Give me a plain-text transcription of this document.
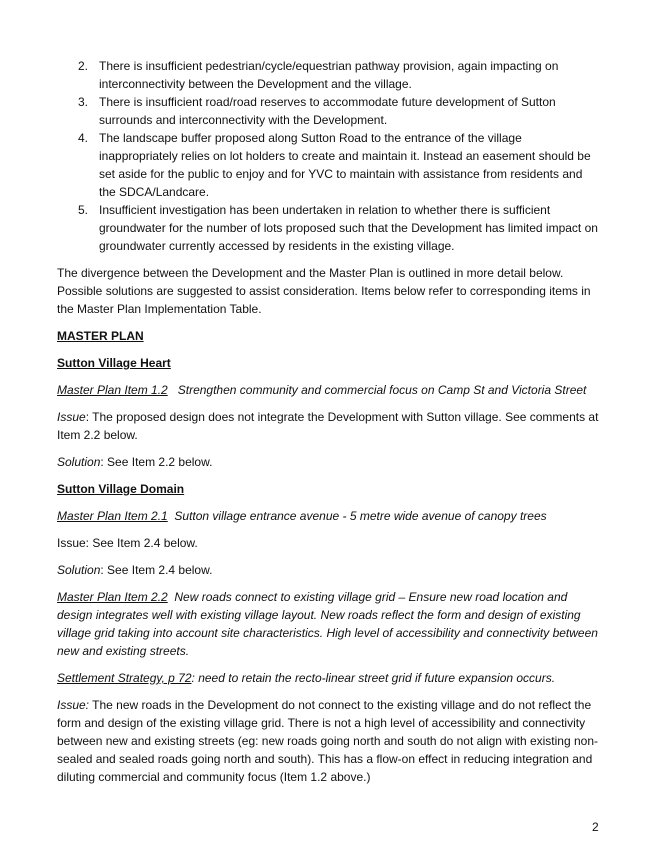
2. There is insufficient pedestrian/cycle/equestrian pathway provision, again impacting on interconnectivity between the Development and the village.
3. There is insufficient road/road reserves to accommodate future development of Sutton surrounds and interconnectivity with the Development.
4. The landscape buffer proposed along Sutton Road to the entrance of the village inappropriately relies on lot holders to create and maintain it. Instead an easement should be set aside for the public to enjoy and for YVC to maintain with assistance from residents and the SDCA/Landcare.
5. Insufficient investigation has been undertaken in relation to whether there is sufficient groundwater for the number of lots proposed such that the Development has limited impact on groundwater currently accessed by residents in the existing village.

The divergence between the Development and the Master Plan is outlined in more detail below. Possible solutions are suggested to assist consideration. Items below refer to corresponding items in the Master Plan Implementation Table.

MASTER PLAN

Sutton Village Heart

Master Plan Item 1.2 Strengthen community and commercial focus on Camp St and Victoria Street

Issue: The proposed design does not integrate the Development with Sutton village. See comments at Item 2.2 below.

Solution: See Item 2.2 below.

Sutton Village Domain

Master Plan Item 2.1 Sutton village entrance avenue - 5 metre wide avenue of canopy trees

Issue: See Item 2.4 below.

Solution: See Item 2.4 below.

Master Plan Item 2.2 New roads connect to existing village grid – Ensure new road location and design integrates well with existing village layout. New roads reflect the form and design of existing village grid taking into account site characteristics. High level of accessibility and connectivity between new and existing streets.

Settlement Strategy, p 72: need to retain the recto-linear street grid if future expansion occurs.

Issue: The new roads in the Development do not connect to the existing village and do not reflect the form and design of the existing village grid. There is not a high level of accessibility and connectivity between new and existing streets (eg: new roads going north and south do not align with existing non-sealed and sealed roads going north and south). This has a flow-on effect in reducing integration and diluting commercial and community focus (Item 1.2 above.)

2
